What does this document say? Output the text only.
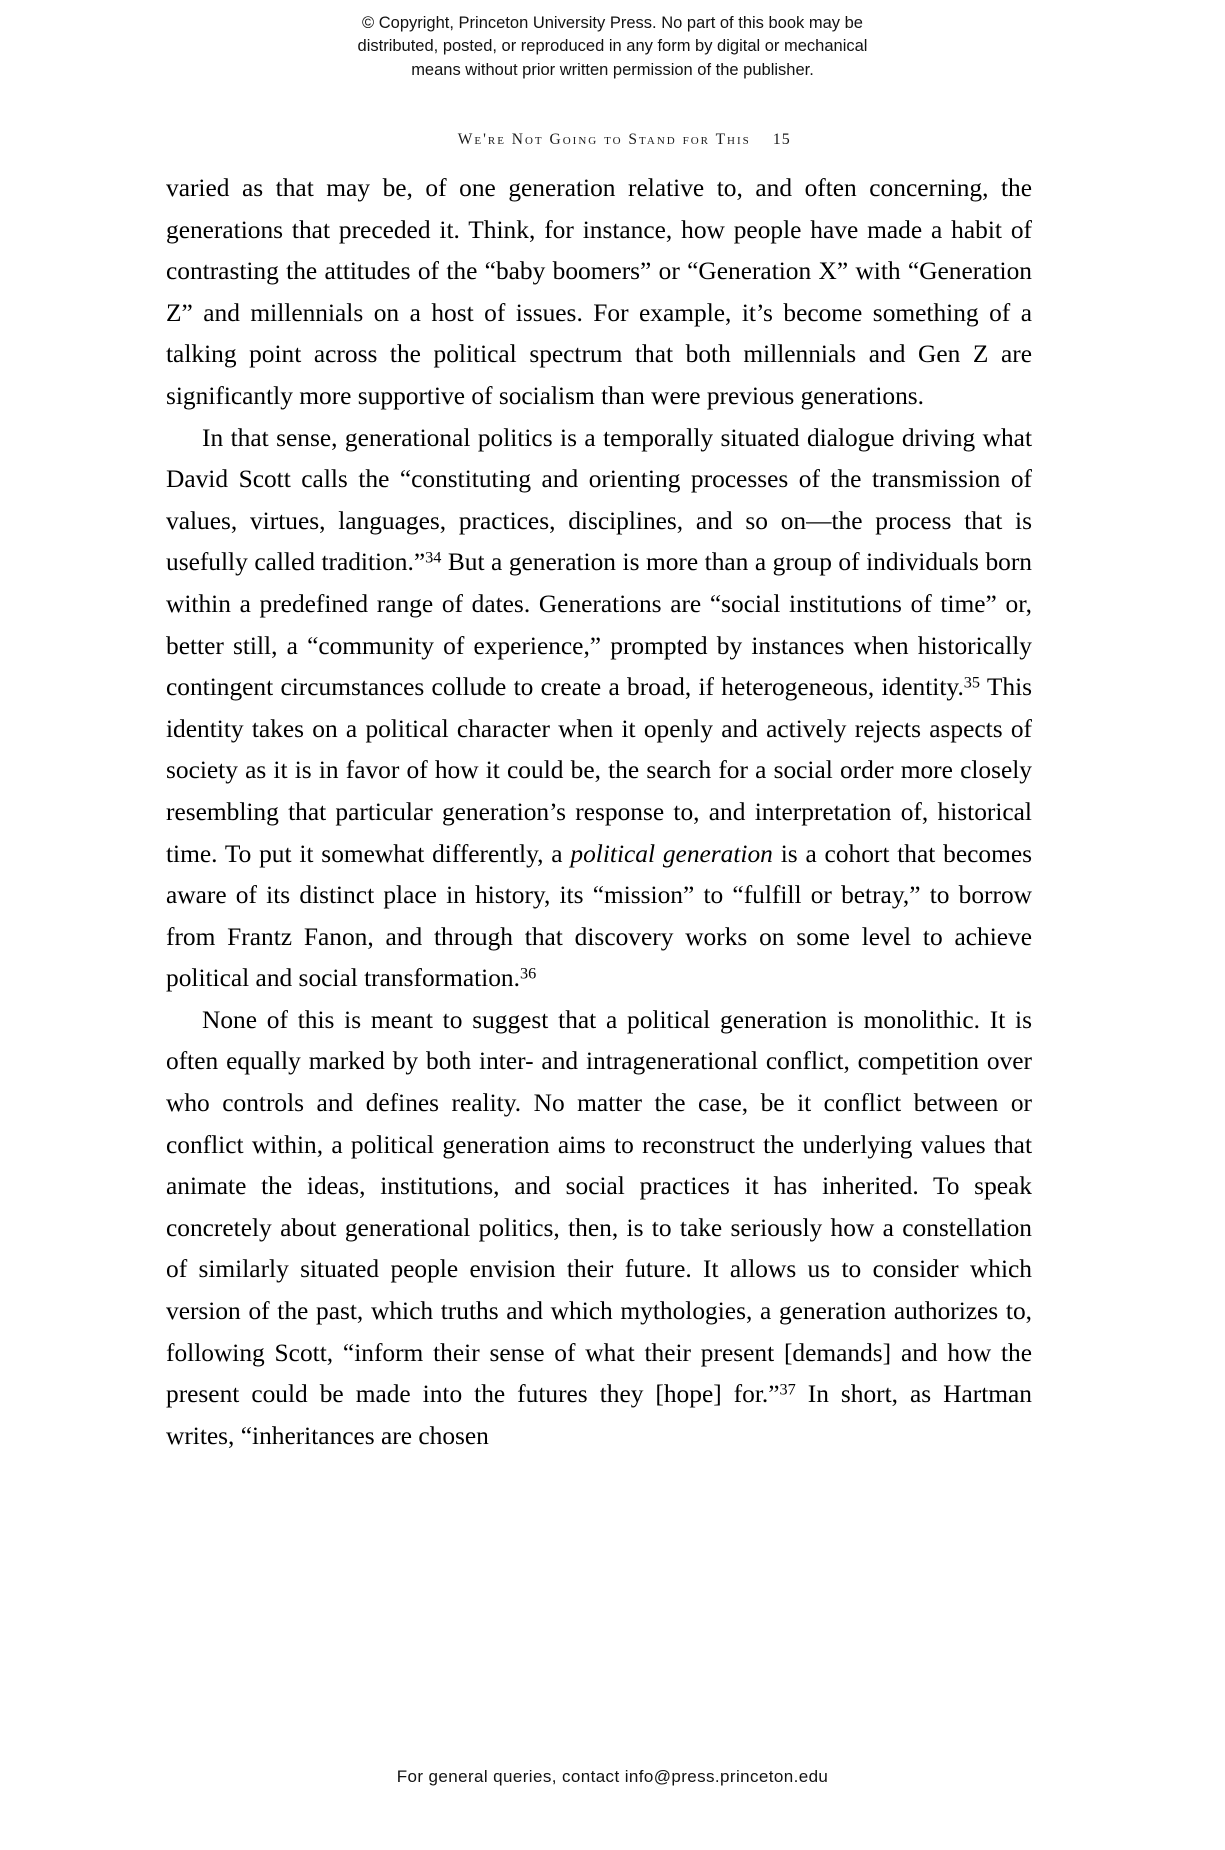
© Copyright, Princeton University Press. No part of this book may be
distributed, posted, or reproduced in any form by digital or mechanical
means without prior written permission of the publisher.

We're Not Going to Stand for This 15

varied as that may be, of one generation relative to, and often concerning, the generations that preceded it. Think, for instance, how people have made a habit of contrasting the attitudes of the “baby boomers” or “Generation X” with “Generation Z” and millennials on a host of issues. For example, it’s become something of a talking point across the political spectrum that both millennials and Gen Z are significantly more supportive of socialism than were previous generations.

In that sense, generational politics is a temporally situated dialogue driving what David Scott calls the “constituting and orienting processes of the transmission of values, virtues, languages, practices, disciplines, and so on—the process that is usefully called tradition.”$^{34}$ But a generation is more than a group of individuals born within a predefined range of dates. Generations are “social institutions of time” or, better still, a “community of experience,” prompted by instances when historically contingent circumstances collude to create a broad, if heterogeneous, identity.$^{35}$ This identity takes on a political character when it openly and actively rejects aspects of society as it is in favor of how it could be, the search for a social order more closely resembling that particular generation’s response to, and interpretation of, historical time. To put it somewhat differently, a political generation is a cohort that becomes aware of its distinct place in history, its “mission” to “fulfill or betray,” to borrow from Frantz Fanon, and through that discovery works on some level to achieve political and social transformation.$^{36}$

None of this is meant to suggest that a political generation is monolithic. It is often equally marked by both inter- and intragenerational conflict, competition over who controls and defines reality. No matter the case, be it conflict between or conflict within, a political generation aims to reconstruct the underlying values that animate the ideas, institutions, and social practices it has inherited. To speak concretely about generational politics, then, is to take seriously how a constellation of similarly situated people envision their future. It allows us to consider which version of the past, which truths and which mythologies, a generation authorizes to, following Scott, “inform their sense of what their present [demands] and how the present could be made into the futures they [hope] for.”$^{37}$ In short, as Hartman writes, “inheritances are chosen

For general queries, contact info@press.princeton.edu
